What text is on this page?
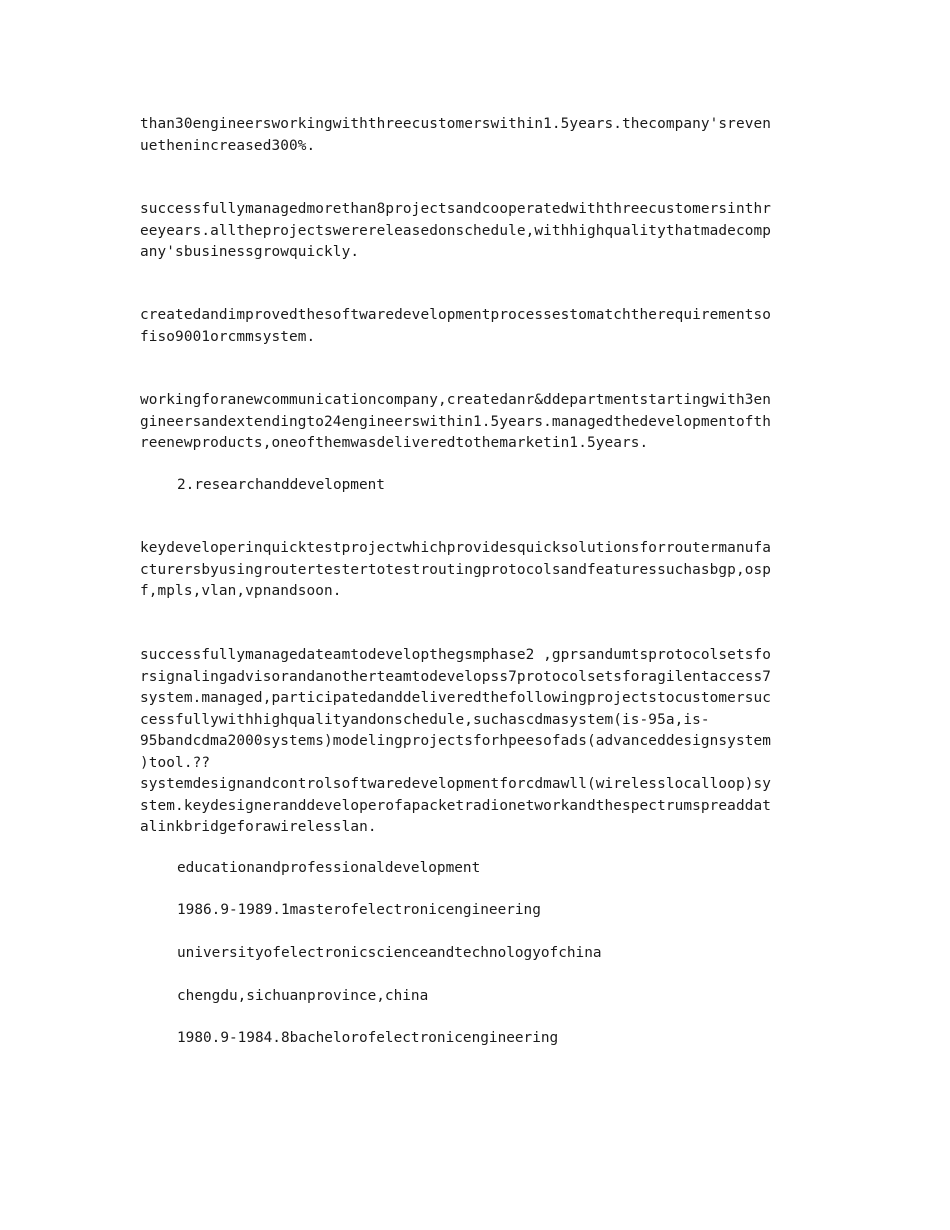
than30engineersworkingwiththreecustomerswithin1.5years.thecompany'sreven
uethenincreased300%.

successfullymanagedmorethan8projectsandcooperatedwiththreecustomersinthr
eeyears.alltheprojectswerereleasedonschedule,withhighqualitythatmadecomp
any'sbusinessgrowquickly.

createdandimprovedthesoftwaredevelopmentprocessestomatchtherequirementso
fiso9001orcmmsystem.

workingforanewcommunicationcompany,createdanr&ddepartmentstartingwith3en
gineersandextendingto24engineerswithin1.5years.managedthedevelopmentofth
reenewproducts,oneofthemwasdeliveredtothemarketin1.5years.

2.researchanddevelopment

keydeveloperinquicktestprojectwhichprovidesquicksolutionsforroutermanufa
cturersbyusingroutertestertotestroutingprotocolsandfeaturessuchasbgp,osp
f,mpls,vlan,vpnandsoon.

successfullymanagedateamtodevelopthegsmphase2 ,gprsandumtsprotocolsetsfo
rsignalingadvisorandanotherteamtodevelopss7protocolsetsforagilentaccess7
system.managed,participatedanddeliveredthefollowingprojectstocustomersuc
cessfullywithhighqualityandonschedule,suchascdmasystem(is-95a,is-
95bandcdma2000systems)modelingprojectsforhpeesofads(advanceddesignsystem
)tool.??
systemdesignandcontrolsoftwaredevelopmentforcdmawll(wirelesslocalloop)sy
stem.keydesigneranddeveloperofapacketradionetworkandthespectrumspreaddat
alinkbridgeforawirelesslan.

educationandprofessionaldevelopment

1986.9-1989.1masterofelectronicengineering

universityofelectronicscienceandtechnologyofchina

chengdu,sichuanprovince,china

1980.9-1984.8bachelorofelectronicengineering
